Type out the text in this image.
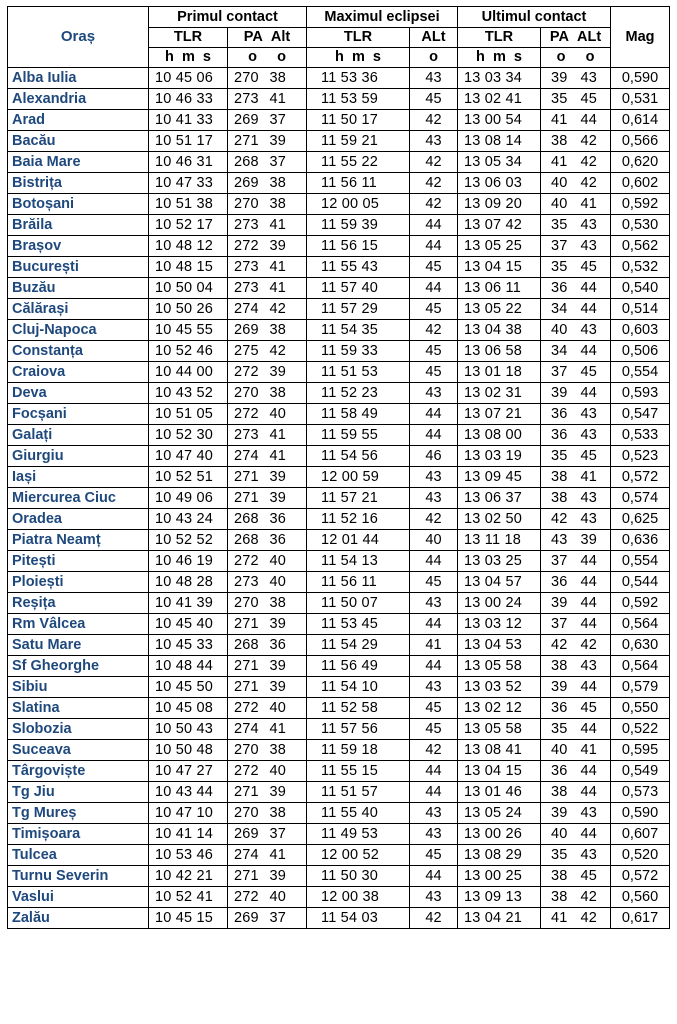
Oraș	Primul contact		Maximul eclipsei		Ultimul contact		Mag
	TLR	PA Alt	TLR	ALt	TLR	PA ALt	
	h  m  s	o o	h  m  s	o	h  m  s	o o	
Alba Iulia	10 45 06	270 38	11 53 36	43	13 03 34	39 43	0,590
Alexandria	10 46 33	273 41	11 53 59	45	13 02 41	35 45	0,531
Arad	10 41 33	269 37	11 50 17	42	13 00 54	41 44	0,614
Bacău	10 51 17	271 39	11 59 21	43	13 08 14	38 42	0,566
Baia Mare	10 46 31	268 37	11 55 22	42	13 05 34	41 42	0,620
Bistrița	10 47 33	269 38	11 56 11	42	13 06 03	40 42	0,602
Botoșani	10 51 38	270 38	12 00 05	42	13 09 20	40 41	0,592
Brăila	10 52 17	273 41	11 59 39	44	13 07 42	35 43	0,530
Brașov	10 48 12	272 39	11 56 15	44	13 05 25	37 43	0,562
București	10 48 15	273 41	11 55 43	45	13 04 15	35 45	0,532
Buzău	10 50 04	273 41	11 57 40	44	13 06 11	36 44	0,540
Călărași	10 50 26	274 42	11 57 29	45	13 05 22	34 44	0,514
Cluj-Napoca	10 45 55	269 38	11 54 35	42	13 04 38	40 43	0,603
Constanța	10 52 46	275 42	11 59 33	45	13 06 58	34 44	0,506
Craiova	10 44 00	272 39	11 51 53	45	13 01 18	37 45	0,554
Deva	10 43 52	270 38	11 52 23	43	13 02 31	39 44	0,593
Focșani	10 51 05	272 40	11 58 49	44	13 07 21	36 43	0,547
Galați	10 52 30	273 41	11 59 55	44	13 08 00	36 43	0,533
Giurgiu	10 47 40	274 41	11 54 56	46	13 03 19	35 45	0,523
Iași	10 52 51	271 39	12 00 59	43	13 09 45	38 41	0,572
Miercurea Ciuc	10 49 06	271 39	11 57 21	43	13 06 37	38 43	0,574
Oradea	10 43 24	268 36	11 52 16	42	13 02 50	42 43	0,625
Piatra Neamț	10 52 52	268 36	12 01 44	40	13 11 18	43 39	0,636
Pitești	10 46 19	272 40	11 54 13	44	13 03 25	37 44	0,554
Ploiești	10 48 28	273 40	11 56 11	45	13 04 57	36 44	0,544
Reșița	10 41 39	270 38	11 50 07	43	13 00 24	39 44	0,592
Rm Vâlcea	10 45 40	271 39	11 53 45	44	13 03 12	37 44	0,564
Satu Mare	10 45 33	268 36	11 54 29	41	13 04 53	42 42	0,630
Sf Gheorghe	10 48 44	271 39	11 56 49	44	13 05 58	38 43	0,564
Sibiu	10 45 50	271 39	11 54 10	43	13 03 52	39 44	0,579
Slatina	10 45 08	272 40	11 52 58	45	13 02 12	36 45	0,550
Slobozia	10 50 43	274 41	11 57 56	45	13 05 58	35 44	0,522
Suceava	10 50 48	270 38	11 59 18	42	13 08 41	40 41	0,595
Târgoviște	10 47 27	272 40	11 55 15	44	13 04 15	36 44	0,549
Tg Jiu	10 43 44	271 39	11 51 57	44	13 01 46	38 44	0,573
Tg Mureș	10 47 10	270 38	11 55 40	43	13 05 24	39 43	0,590
Timișoara	10 41 14	269 37	11 49 53	43	13 00 26	40 44	0,607
Tulcea	10 53 46	274 41	12 00 52	45	13 08 29	35 43	0,520
Turnu Severin	10 42 21	271 39	11 50 30	44	13 00 25	38 45	0,572
Vaslui	10 52 41	272 40	12 00 38	43	13 09 13	38 42	0,560
Zalău	10 45 15	269 37	11 54 03	42	13 04 21	41 42	0,617
